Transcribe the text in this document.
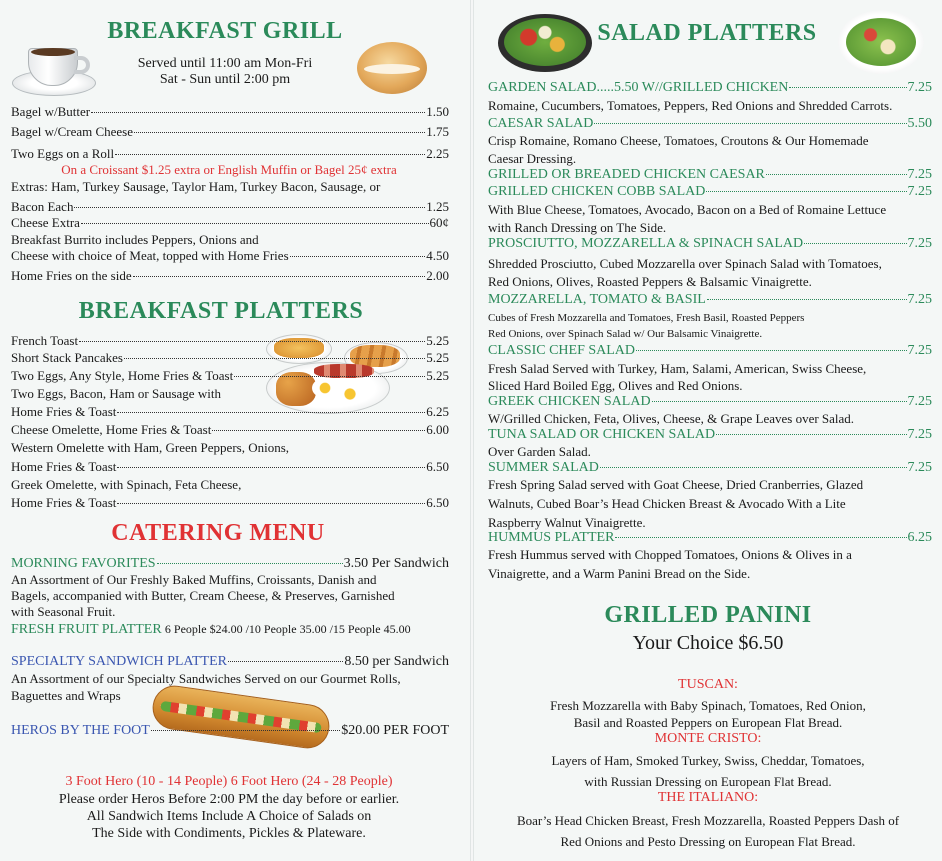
BREAKFAST GRILL
Served until 11:00 am Mon-Fri
Sat - Sun until 2:00 pm
Bagel w/Butter	1.50
Bagel w/Cream Cheese	1.75
Two Eggs on a Roll	2.25
On a Croissant $1.25 extra or English Muffin or Bagel 25¢ extra
Extras: Ham, Turkey Sausage, Taylor Ham, Turkey Bacon, Sausage, or
Bacon Each	1.25
Cheese Extra	60¢
Breakfast Burrito includes Peppers, Onions and
Cheese with choice of Meat, topped with Home Fries	4.50
Home Fries on the side	2.00
BREAKFAST PLATTERS
French Toast	5.25
Short Stack Pancakes	5.25
Two Eggs, Any Style, Home Fries & Toast	5.25
Two Eggs, Bacon, Ham or Sausage with
Home Fries & Toast	6.25
Cheese Omelette, Home Fries & Toast	6.00
Western Omelette with Ham, Green Peppers, Onions,
Home Fries & Toast	6.50
Greek Omelette, with Spinach, Feta Cheese,
Home Fries & Toast	6.50
CATERING MENU
MORNING FAVORITES	3.50 Per Sandwich
An Assortment of Our Freshly Baked Muffins, Croissants, Danish and
Bagels, accompanied with Butter, Cream Cheese, & Preserves, Garnished
with Seasonal Fruit.
FRESH FRUIT PLATTER 6 People $24.00 /10 People 35.00 /15 People 45.00
SPECIALTY SANDWICH PLATTER	8.50 per Sandwich
An Assortment of our Specialty Sandwiches Served on our Gourmet Rolls,
Baguettes and Wraps
HEROS BY THE FOOT	$20.00 PER FOOT
3 Foot Hero (10 - 14 People) 6 Foot Hero (24 - 28 People)
Please order Heros Before 2:00 PM the day before or earlier.
All Sandwich Items Include A Choice of Salads on
The Side with Condiments, Pickles & Plateware.
SALAD PLATTERS
GARDEN SALAD.....5.50 W//GRILLED CHICKEN	7.25
Romaine, Cucumbers, Tomatoes, Peppers, Red Onions and Shredded Carrots.
CAESAR SALAD	5.50
Crisp Romaine, Romano Cheese, Tomatoes, Croutons & Our Homemade
Caesar Dressing.
GRILLED OR BREADED CHICKEN CAESAR	7.25
GRILLED CHICKEN COBB SALAD	7.25
With Blue Cheese, Tomatoes, Avocado, Bacon on a Bed of Romaine Lettuce
with Ranch Dressing on The Side.
PROSCIUTTO, MOZZARELLA & SPINACH SALAD	7.25
Shredded Prosciutto, Cubed Mozzarella over Spinach Salad with Tomatoes,
Red Onions, Olives, Roasted Peppers & Balsamic Vinaigrette.
MOZZARELLA, TOMATO & BASIL	7.25
Cubes of Fresh Mozzarella and Tomatoes, Fresh Basil, Roasted Peppers
Red Onions, over Spinach Salad w/ Our Balsamic Vinaigrette.
CLASSIC CHEF SALAD	7.25
Fresh Salad Served with Turkey, Ham, Salami, American, Swiss Cheese,
Sliced Hard Boiled Egg, Olives and Red Onions.
GREEK CHICKEN SALAD	7.25
W/Grilled Chicken, Feta, Olives, Cheese, & Grape Leaves over Salad.
TUNA SALAD OR CHICKEN SALAD	7.25
Over Garden Salad.
SUMMER SALAD	7.25
Fresh Spring Salad served with Goat Cheese, Dried Cranberries, Glazed
Walnuts, Cubed Boar’s Head Chicken Breast & Avocado With a Lite
Raspberry Walnut Vinaigrette.
HUMMUS PLATTER	6.25
Fresh Hummus served with Chopped Tomatoes, Onions & Olives in a
Vinaigrette, and a Warm Panini Bread on the Side.
GRILLED PANINI
Your Choice $6.50
TUSCAN:
Fresh Mozzarella with Baby Spinach, Tomatoes, Red Onion,
Basil and Roasted Peppers on European Flat Bread.
MONTE CRISTO:
Layers of Ham, Smoked Turkey, Swiss, Cheddar, Tomatoes,
with Russian Dressing on European Flat Bread.
THE ITALIANO:
Boar’s Head Chicken Breast, Fresh Mozzarella, Roasted Peppers Dash of
Red Onions and Pesto Dressing on European Flat Bread.
